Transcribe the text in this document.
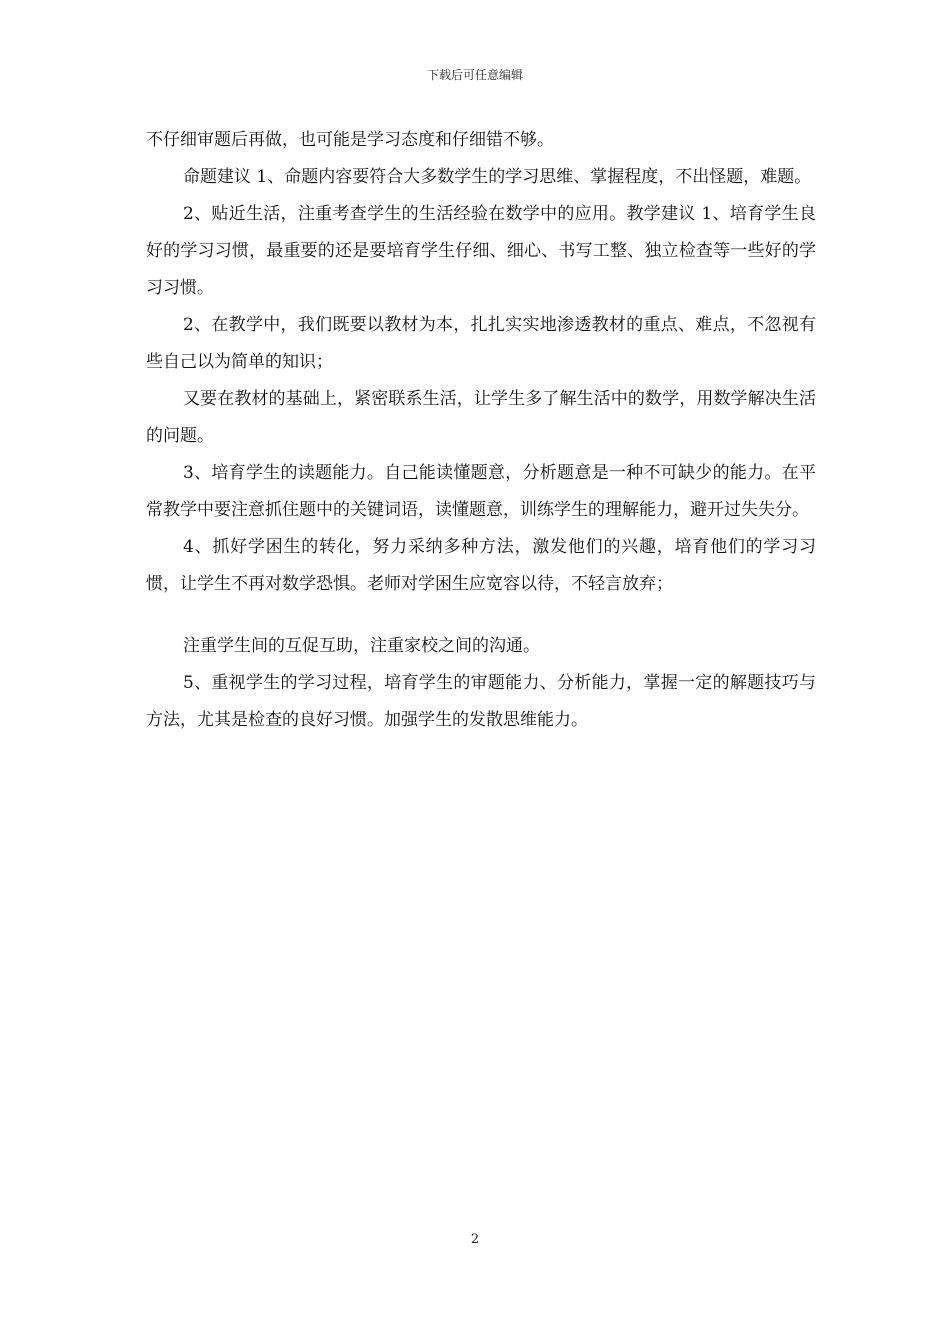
下载后可任意编辑

不仔细审题后再做，也可能是学习态度和仔细错不够。

命题建议 1、命题内容要符合大多数学生的学习思维、掌握程度，不出怪题，难题。

2、贴近生活，注重考查学生的生活经验在数学中的应用。教学建议 1、培育学生良好的学习习惯，最重要的还是要培育学生仔细、细心、书写工整、独立检查等一些好的学习习惯。

2、在教学中，我们既要以教材为本，扎扎实实地渗透教材的重点、难点，不忽视有些自己以为简单的知识；

又要在教材的基础上，紧密联系生活，让学生多了解生活中的数学，用数学解决生活的问题。

3、培育学生的读题能力。自己能读懂题意，分析题意是一种不可缺少的能力。在平常教学中要注意抓住题中的关键词语，读懂题意，训练学生的理解能力，避开过失失分。

4、抓好学困生的转化，努力采纳多种方法，激发他们的兴趣，培育他们的学习习惯，让学生不再对数学恐惧。老师对学困生应宽容以待，不轻言放弃；

注重学生间的互促互助，注重家校之间的沟通。

5、重视学生的学习过程，培育学生的审题能力、分析能力，掌握一定的解题技巧与方法，尤其是检查的良好习惯。加强学生的发散思维能力。

2
